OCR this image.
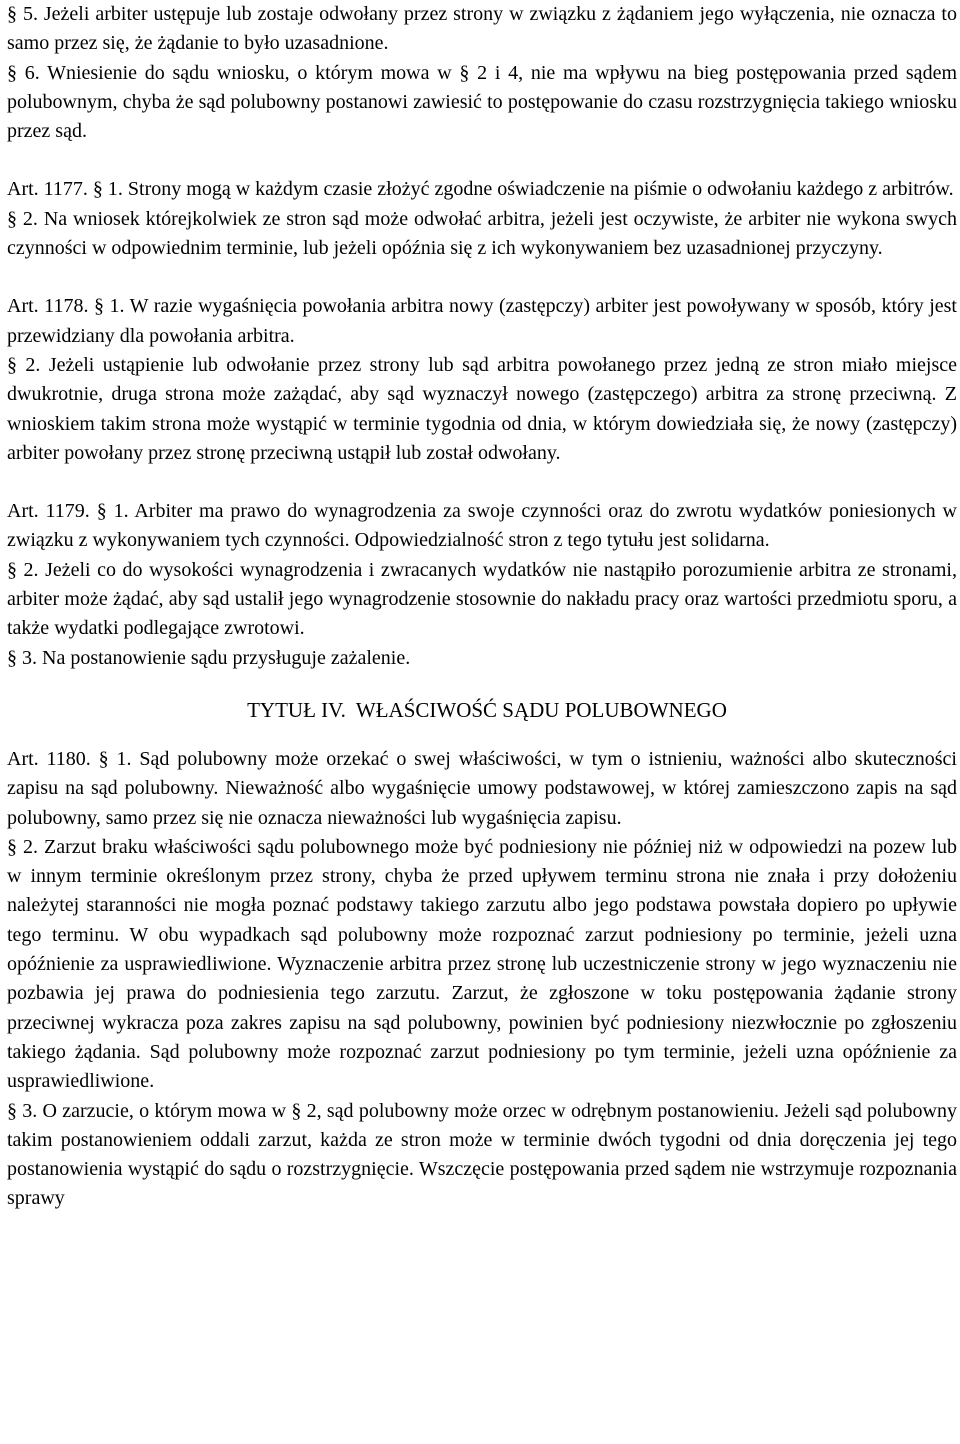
§ 5. Jeżeli arbiter ustępuje lub zostaje odwołany przez strony w związku z żądaniem jego wyłączenia, nie oznacza to samo przez się, że żądanie to było uzasadnione.

§ 6. Wniesienie do sądu wniosku, o którym mowa w § 2 i 4, nie ma wpływu na bieg postępowania przed sądem polubownym, chyba że sąd polubowny postanowi zawiesić to postępowanie do czasu rozstrzygnięcia takiego wniosku przez sąd.

Art. 1177. § 1. Strony mogą w każdym czasie złożyć zgodne oświadczenie na piśmie o odwołaniu każdego z arbitrów.

§ 2. Na wniosek którejkolwiek ze stron sąd może odwołać arbitra, jeżeli jest oczywiste, że arbiter nie wykona swych czynności w odpowiednim terminie, lub jeżeli opóźnia się z ich wykonywaniem bez uzasadnionej przyczyny.

Art. 1178. § 1. W razie wygaśnięcia powołania arbitra nowy (zastępczy) arbiter jest powoływany w sposób, który jest przewidziany dla powołania arbitra.

§ 2. Jeżeli ustąpienie lub odwołanie przez strony lub sąd arbitra powołanego przez jedną ze stron miało miejsce dwukrotnie, druga strona może zażądać, aby sąd wyznaczył nowego (zastępczego) arbitra za stronę przeciwną. Z wnioskiem takim strona może wystąpić w terminie tygodnia od dnia, w którym dowiedziała się, że nowy (zastępczy) arbiter powołany przez stronę przeciwną ustąpił lub został odwołany.

Art. 1179. § 1. Arbiter ma prawo do wynagrodzenia za swoje czynności oraz do zwrotu wydatków poniesionych w związku z wykonywaniem tych czynności. Odpowiedzialność stron z tego tytułu jest solidarna.

§ 2. Jeżeli co do wysokości wynagrodzenia i zwracanych wydatków nie nastąpiło porozumienie arbitra ze stronami, arbiter może żądać, aby sąd ustalił jego wynagrodzenie stosownie do nakładu pracy oraz wartości przedmiotu sporu, a także wydatki podlegające zwrotowi.

§ 3. Na postanowienie sądu przysługuje zażalenie.

TYTUŁ IV. WŁAŚCIWOŚĆ SĄDU POLUBOWNEGO

Art. 1180. § 1. Sąd polubowny może orzekać o swej właściwości, w tym o istnieniu, ważności albo skuteczności zapisu na sąd polubowny. Nieważność albo wygaśnięcie umowy podstawowej, w której zamieszczono zapis na sąd polubowny, samo przez się nie oznacza nieważności lub wygaśnięcia zapisu.

§ 2. Zarzut braku właściwości sądu polubownego może być podniesiony nie później niż w odpowiedzi na pozew lub w innym terminie określonym przez strony, chyba że przed upływem terminu strona nie znała i przy dołożeniu należytej staranności nie mogła poznać podstawy takiego zarzutu albo jego podstawa powstała dopiero po upływie tego terminu. W obu wypadkach sąd polubowny może rozpoznać zarzut podniesiony po terminie, jeżeli uzna opóźnienie za usprawiedliwione. Wyznaczenie arbitra przez stronę lub uczestniczenie strony w jego wyznaczeniu nie pozbawia jej prawa do podniesienia tego zarzutu. Zarzut, że zgłoszone w toku postępowania żądanie strony przeciwnej wykracza poza zakres zapisu na sąd polubowny, powinien być podniesiony niezwłocznie po zgłoszeniu takiego żądania. Sąd polubowny może rozpoznać zarzut podniesiony po tym terminie, jeżeli uzna opóźnienie za usprawiedliwione.

§ 3. O zarzucie, o którym mowa w § 2, sąd polubowny może orzec w odrębnym postanowieniu. Jeżeli sąd polubowny takim postanowieniem oddali zarzut, każda ze stron może w terminie dwóch tygodni od dnia doręczenia jej tego postanowienia wystąpić do sądu o rozstrzygnięcie. Wszczęcie postępowania przed sądem nie wstrzymuje rozpoznania sprawy
